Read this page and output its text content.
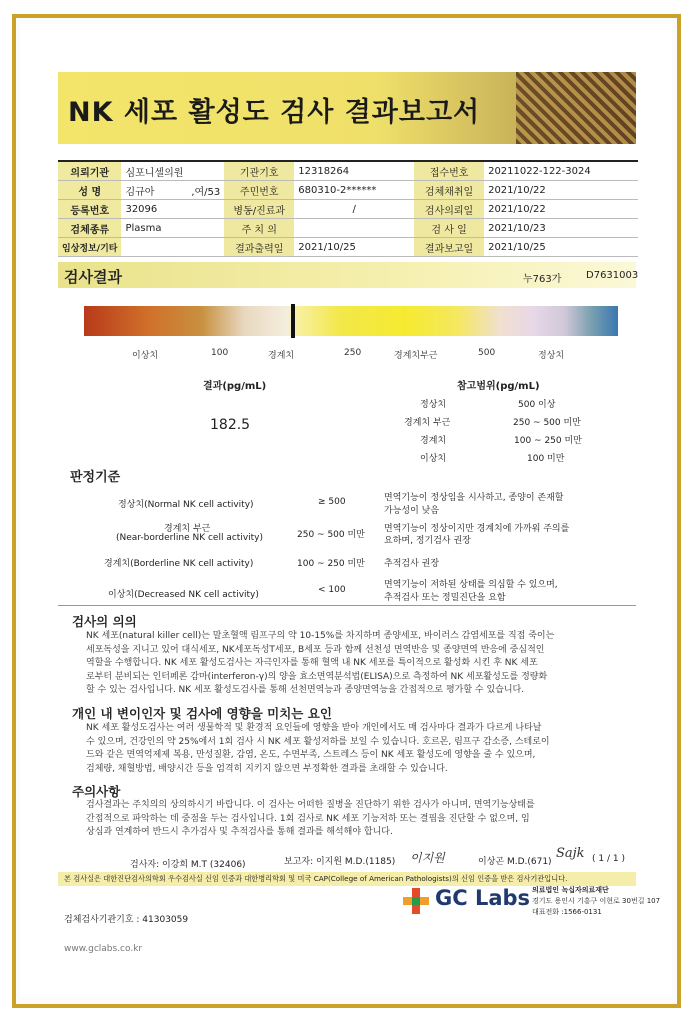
NK 세포 활성도 검사 결과보고서
의뢰기관	심포니셀의원		기관기호	12318264	접수번호	20211022-122-3024
성 명	김규아	,여/53	주민번호	680310-2******	검체채취일	2021/10/22
등록번호	32096		병동/진료과	/	검사의뢰일	2021/10/22
검체종류	Plasma		주 치 의		검 사 일	2021/10/23
임상정보/기타			결과출력일	2021/10/25	결과보고일	2021/10/25
검사결과	누763가 D7631003
이상치	100	경계치	250	경계치부근	500	정상치
결과(pg/mL)
182.5
참고범위(pg/mL)
정상치	500 이상
경계치 부근	250 ~ 500 미만
경계치	100 ~ 250 미만
이상치	100 미만
판정기준
정상치(Normal NK cell activity)	≥ 500	면역기능이 정상임을 시사하고, 종양이 존재할
가능성이 낮음
경계치 부근
(Near-borderline NK cell activity)	250 ~ 500 미만
면역기능이 정상이지만 경계치에 가까워 주의를
요하며, 정기검사 권장
경계치(Borderline NK cell activity)	100 ~ 250 미만 추적검사 권장
이상치(Decreased NK cell activity)	< 100	면역기능이 저하된 상태를 의심할 수 있으며,
추적검사 또는 정밀진단을 요함
검사의 의의
NK 세포(natural killer cell)는 말초혈액 림프구의 약 10-15%를 차지하며 종양세포, 바이러스 감염세포를 직접 죽이는
세포독성을 지니고 있어 대식세포, NK세포독성T세포, B세포 등과 함께 선천성 면역반응 및 종양면역 반응에 중심적인
역할을 수행합니다. NK 세포 활성도검사는 자극인자를 통해 혈액 내 NK 세포를 특이적으로 활성화 시킨 후 NK 세포
로부터 분비되는 인터페론 감마(interferon-γ)의 양을 효소면역분석법(ELISA)으로 측정하여 NK 세포활성도를 정량화
할 수 있는 검사입니다. NK 세포 활성도검사를 통해 선천면역능과 종양면역능을 간접적으로 평가할 수 있습니다.
개인 내 변이인자 및 검사에 영향을 미치는 요인
NK 세포 활성도검사는 여러 생물학적 및 환경적 요인들에 영향을 받아 개인에서도 매 검사마다 결과가 다르게 나타날
수 있으며, 건강인의 약 25%에서 1회 검사 시 NK 세포 활성저하를 보일 수 있습니다. 호르몬, 림프구 감소증, 스테로이
드와 같은 면역억제제 복용, 만성질환, 감염, 온도, 수면부족, 스트레스 등이 NK 세포 활성도에 영향을 줄 수 있으며,
검체량, 채혈방법, 배양시간 등을 엄격히 지키지 않으면 부정확한 결과를 초래할 수 있습니다.
주의사항
검사결과는 주치의의 상의하시기 바랍니다. 이 검사는 어떠한 질병을 진단하기 위한 검사가 아니며, 면역기능상태를
간접적으로 파악하는 데 중점을 두는 검사입니다. 1회 검사로 NK 세포 기능저하 또는 결핍을 진단할 수 없으며, 임
상심과 연계하여 반드시 추가검사 및 추적검사를 통해 결과를 해석해야 합니다.
검사자: 이강희 M.T (32406)	보고자: 이지원 M.D.(1185) 이지원	이상곤 M.D.(671)
Sajk ( 1 / 1 )
본 검사실은 대한진단검사의학회 우수검사실 신임 인증과 대한병리학회 및 미국 CAP(College of American Pathologists)의 신임 인증을 받은 검사기관입니다.
GC Labs 의료법인 녹십자의료재단
경기도 용인시 기흥구 이현로 30번길 107
대표전화 :1566-0131
검체검사기관기호 : 41303059
www.gclabs.co.kr
